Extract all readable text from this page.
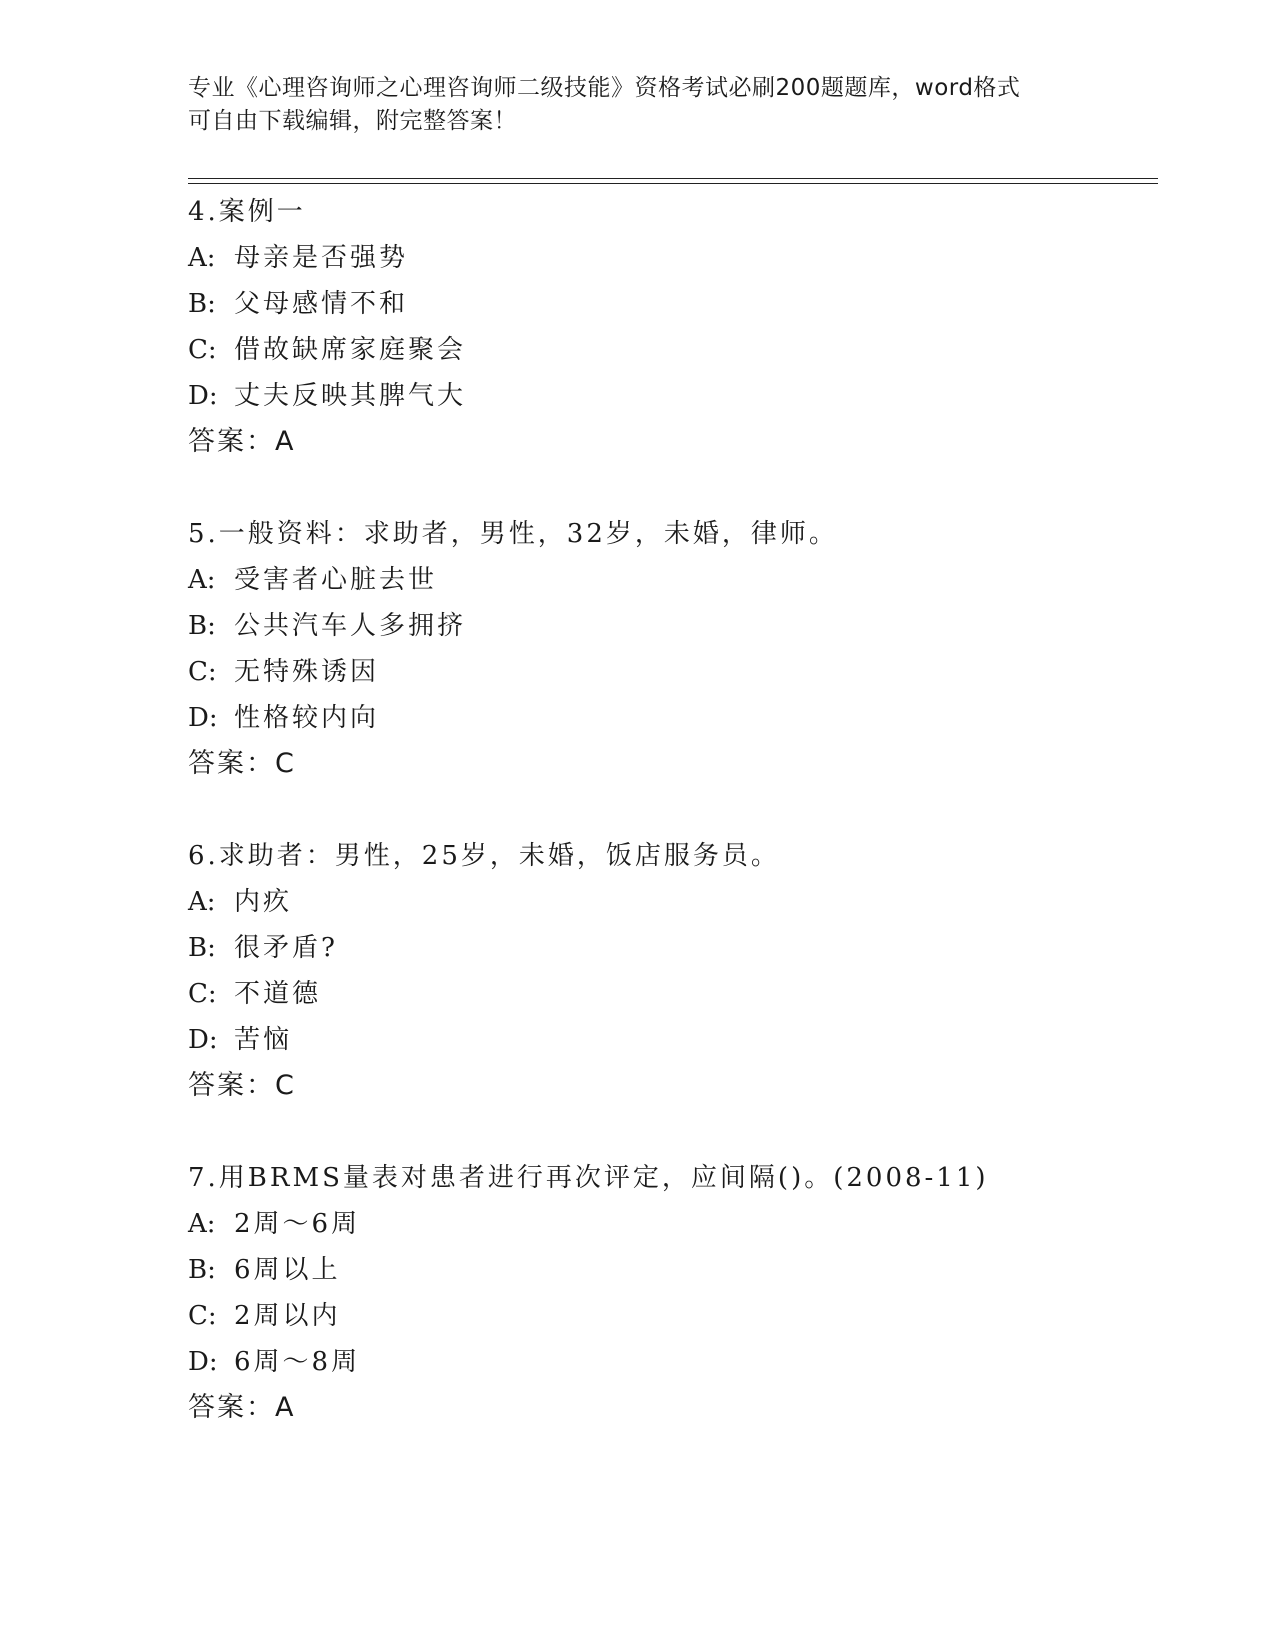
专业《心理咨询师之心理咨询师二级技能》资格考试必刷200题题库，word格式
可自由下载编辑，附完整答案！
4.案例一
A: 母亲是否强势
B: 父母感情不和
C: 借故缺席家庭聚会
D: 丈夫反映其脾气大
答案：A
5.一般资料：求助者，男性，32岁，未婚，律师。
A: 受害者心脏去世
B: 公共汽车人多拥挤
C: 无特殊诱因
D: 性格较内向
答案：C
6.求助者：男性，25岁，未婚，饭店服务员。
A: 内疚
B: 很矛盾?
C: 不道德
D: 苦恼
答案：C
7.用BRMS量表对患者进行再次评定，应间隔()。(2008-11)
A: 2周～6周
B: 6周以上
C: 2周以内
D: 6周～8周
答案：A
